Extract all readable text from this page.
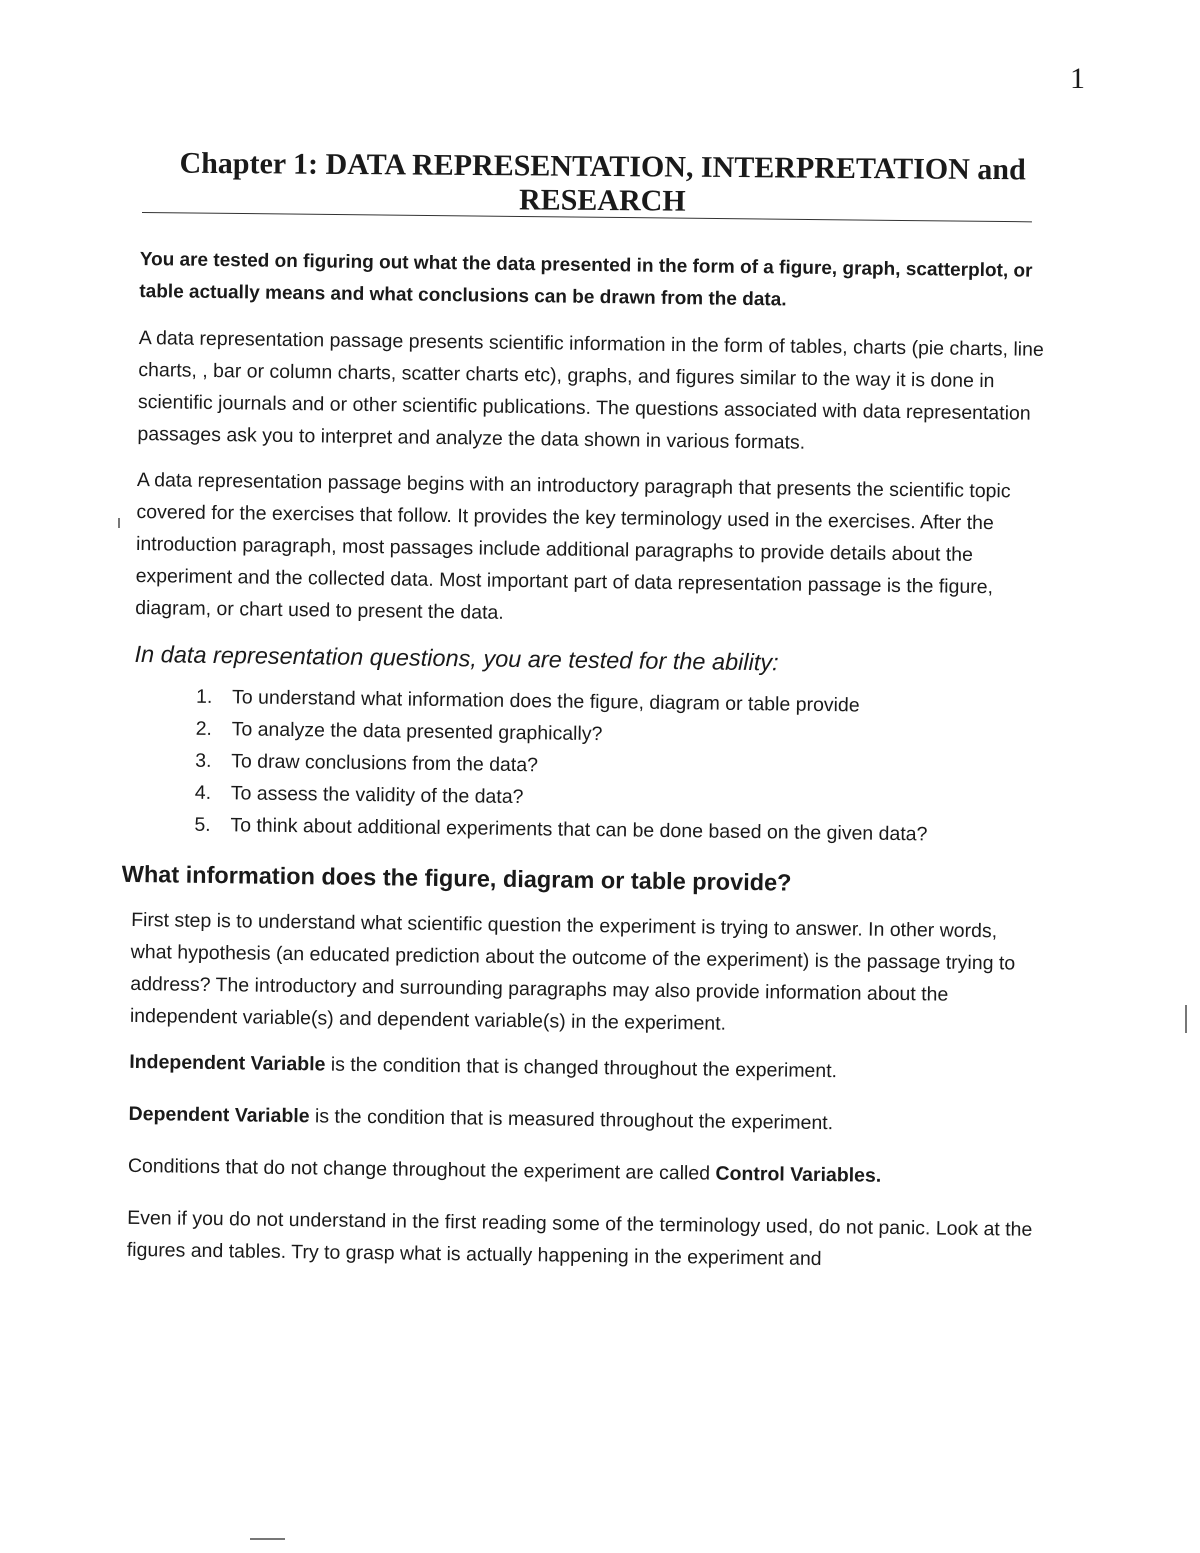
1
Chapter 1: DATA REPRESENTATION, INTERPRETATION and RESEARCH

You are tested on figuring out what the data presented in the form of a figure, graph, scatterplot, or table actually means and what conclusions can be drawn from the data.

A data representation passage presents scientific information in the form of tables, charts (pie charts, line charts, , bar or column charts, scatter charts etc), graphs, and figures similar to the way it is done in scientific journals and or other scientific publications. The questions associated with data representation passages ask you to interpret and analyze the data shown in various formats.

A data representation passage begins with an introductory paragraph that presents the scientific topic covered for the exercises that follow. It provides the key terminology used in the exercises. After the introduction paragraph, most passages include additional paragraphs to provide details about the experiment and the collected data. Most important part of data representation passage is the figure, diagram, or chart used to present the data.

In data representation questions, you are tested for the ability:

1. To understand what information does the figure, diagram or table provide
2. To analyze the data presented graphically?
3. To draw conclusions from the data?
4. To assess the validity of the data?
5. To think about additional experiments that can be done based on the given data?

What information does the figure, diagram or table provide?

First step is to understand what scientific question the experiment is trying to answer. In other words, what hypothesis (an educated prediction about the outcome of the experiment) is the passage trying to address? The introductory and surrounding paragraphs may also provide information about the independent variable(s) and dependent variable(s) in the experiment.

Independent Variable is the condition that is changed throughout the experiment.

Dependent Variable is the condition that is measured throughout the experiment.

Conditions that do not change throughout the experiment are called Control Variables.

Even if you do not understand in the first reading some of the terminology used, do not panic. Look at the figures and tables. Try to grasp what is actually happening in the experiment and
